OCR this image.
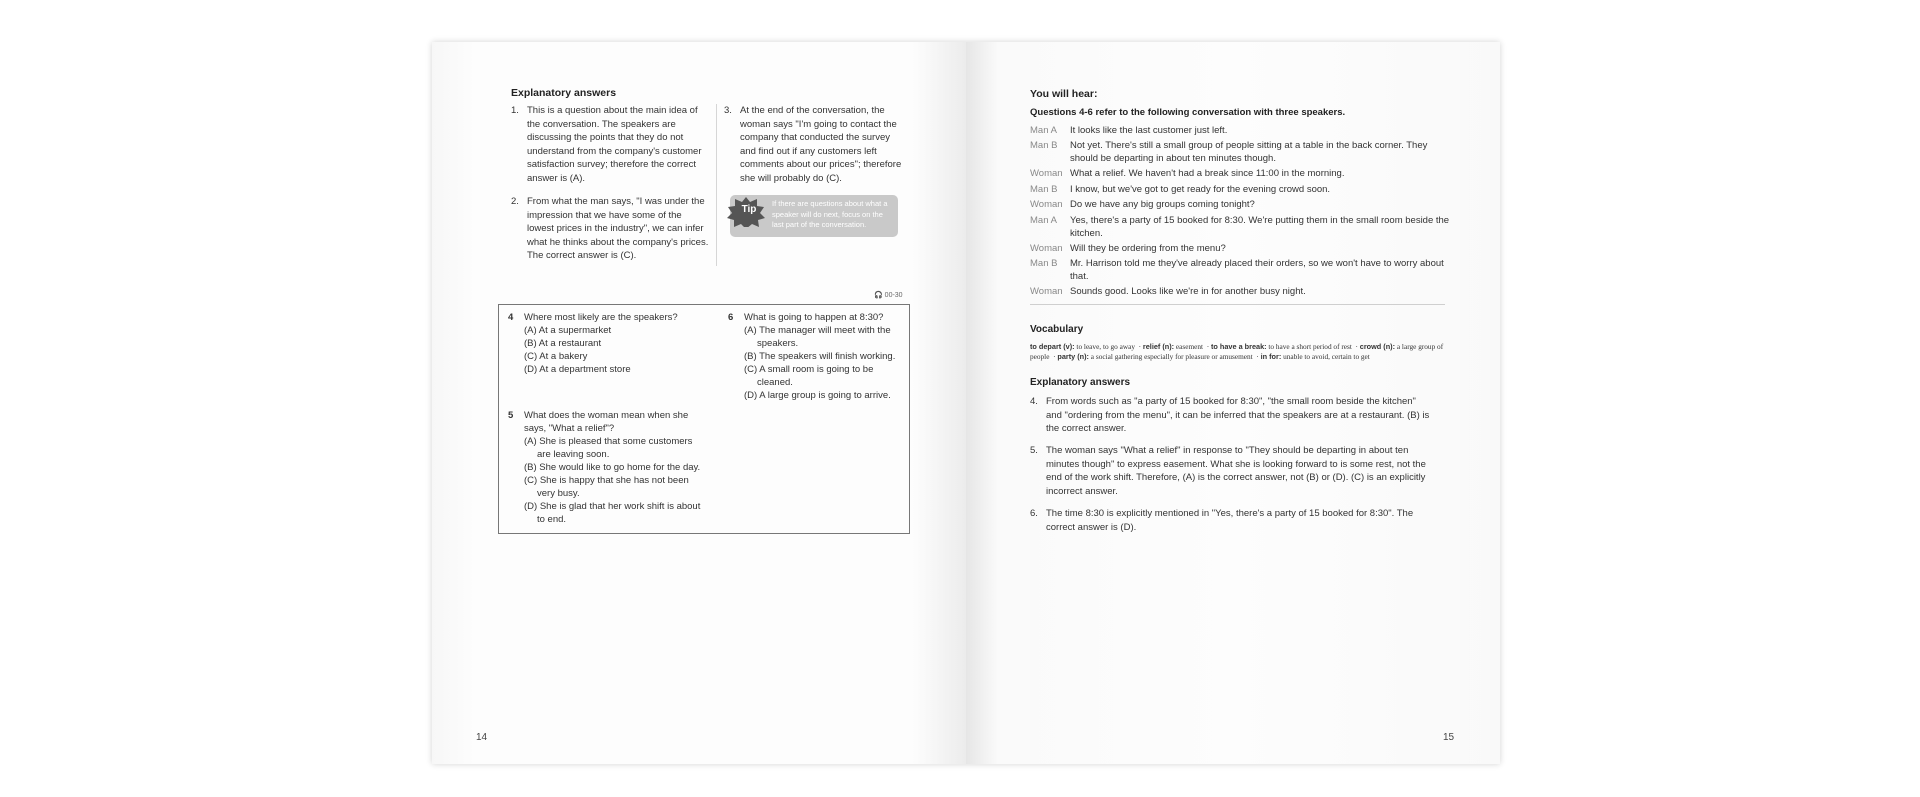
Explanatory answers
1. This is a question about the main idea of the conversation. The speakers are discussing the points that they do not understand from the company's customer satisfaction survey; therefore the correct answer is (A).
2. From what the man says, "I was under the impression that we have some of the lowest prices in the industry", we can infer what he thinks about the company's prices. The correct answer is (C).
3. At the end of the conversation, the woman says "I'm going to contact the company that conducted the survey and find out if any customers left comments about our prices"; therefore she will probably do (C).
Tip
If there are questions about what a speaker will do next, focus on the last part of the conversation.
🎧 00-30
4 Where most likely are the speakers?
(A) At a supermarket
(B) At a restaurant
(C) At a bakery
(D) At a department store
5 What does the woman mean when she says, "What a relief"?
(A) She is pleased that some customers are leaving soon.
(B) She would like to go home for the day.
(C) She is happy that she has not been very busy.
(D) She is glad that her work shift is about to end.
6 What is going to happen at 8:30?
(A) The manager will meet with the speakers.
(B) The speakers will finish working.
(C) A small room is going to be cleaned.
(D) A large group is going to arrive.
14
You will hear:
Questions 4-6 refer to the following conversation with three speakers.
Man A It looks like the last customer just left.
Man B Not yet. There's still a small group of people sitting at a table in the back corner. They should be departing in about ten minutes though.
Woman What a relief. We haven't had a break since 11:00 in the morning.
Man B I know, but we've got to get ready for the evening crowd soon.
Woman Do we have any big groups coming tonight?
Man A Yes, there's a party of 15 booked for 8:30. We're putting them in the small room beside the kitchen.
Woman Will they be ordering from the menu?
Man B Mr. Harrison told me they've already placed their orders, so we won't have to worry about that.
Woman Sounds good. Looks like we're in for another busy night.
Vocabulary
to depart (v): to leave, to go away  · relief (n): easement  · to have a break: to have a short period of rest  · crowd (n): a large group of people  · party (n): a social gathering especially for pleasure or amusement  · in for: unable to avoid, certain to get
Explanatory answers
4. From words such as "a party of 15 booked for 8:30", "the small room beside the kitchen" and "ordering from the menu", it can be inferred that the speakers are at a restaurant. (B) is the correct answer.
5. The woman says "What a relief" in response to "They should be departing in about ten minutes though" to express easement. What she is looking forward to is some rest, not the end of the work shift. Therefore, (A) is the correct answer, not (B) or (D). (C) is an explicitly incorrect answer.
6. The time 8:30 is explicitly mentioned in "Yes, there's a party of 15 booked for 8:30". The correct answer is (D).
15
